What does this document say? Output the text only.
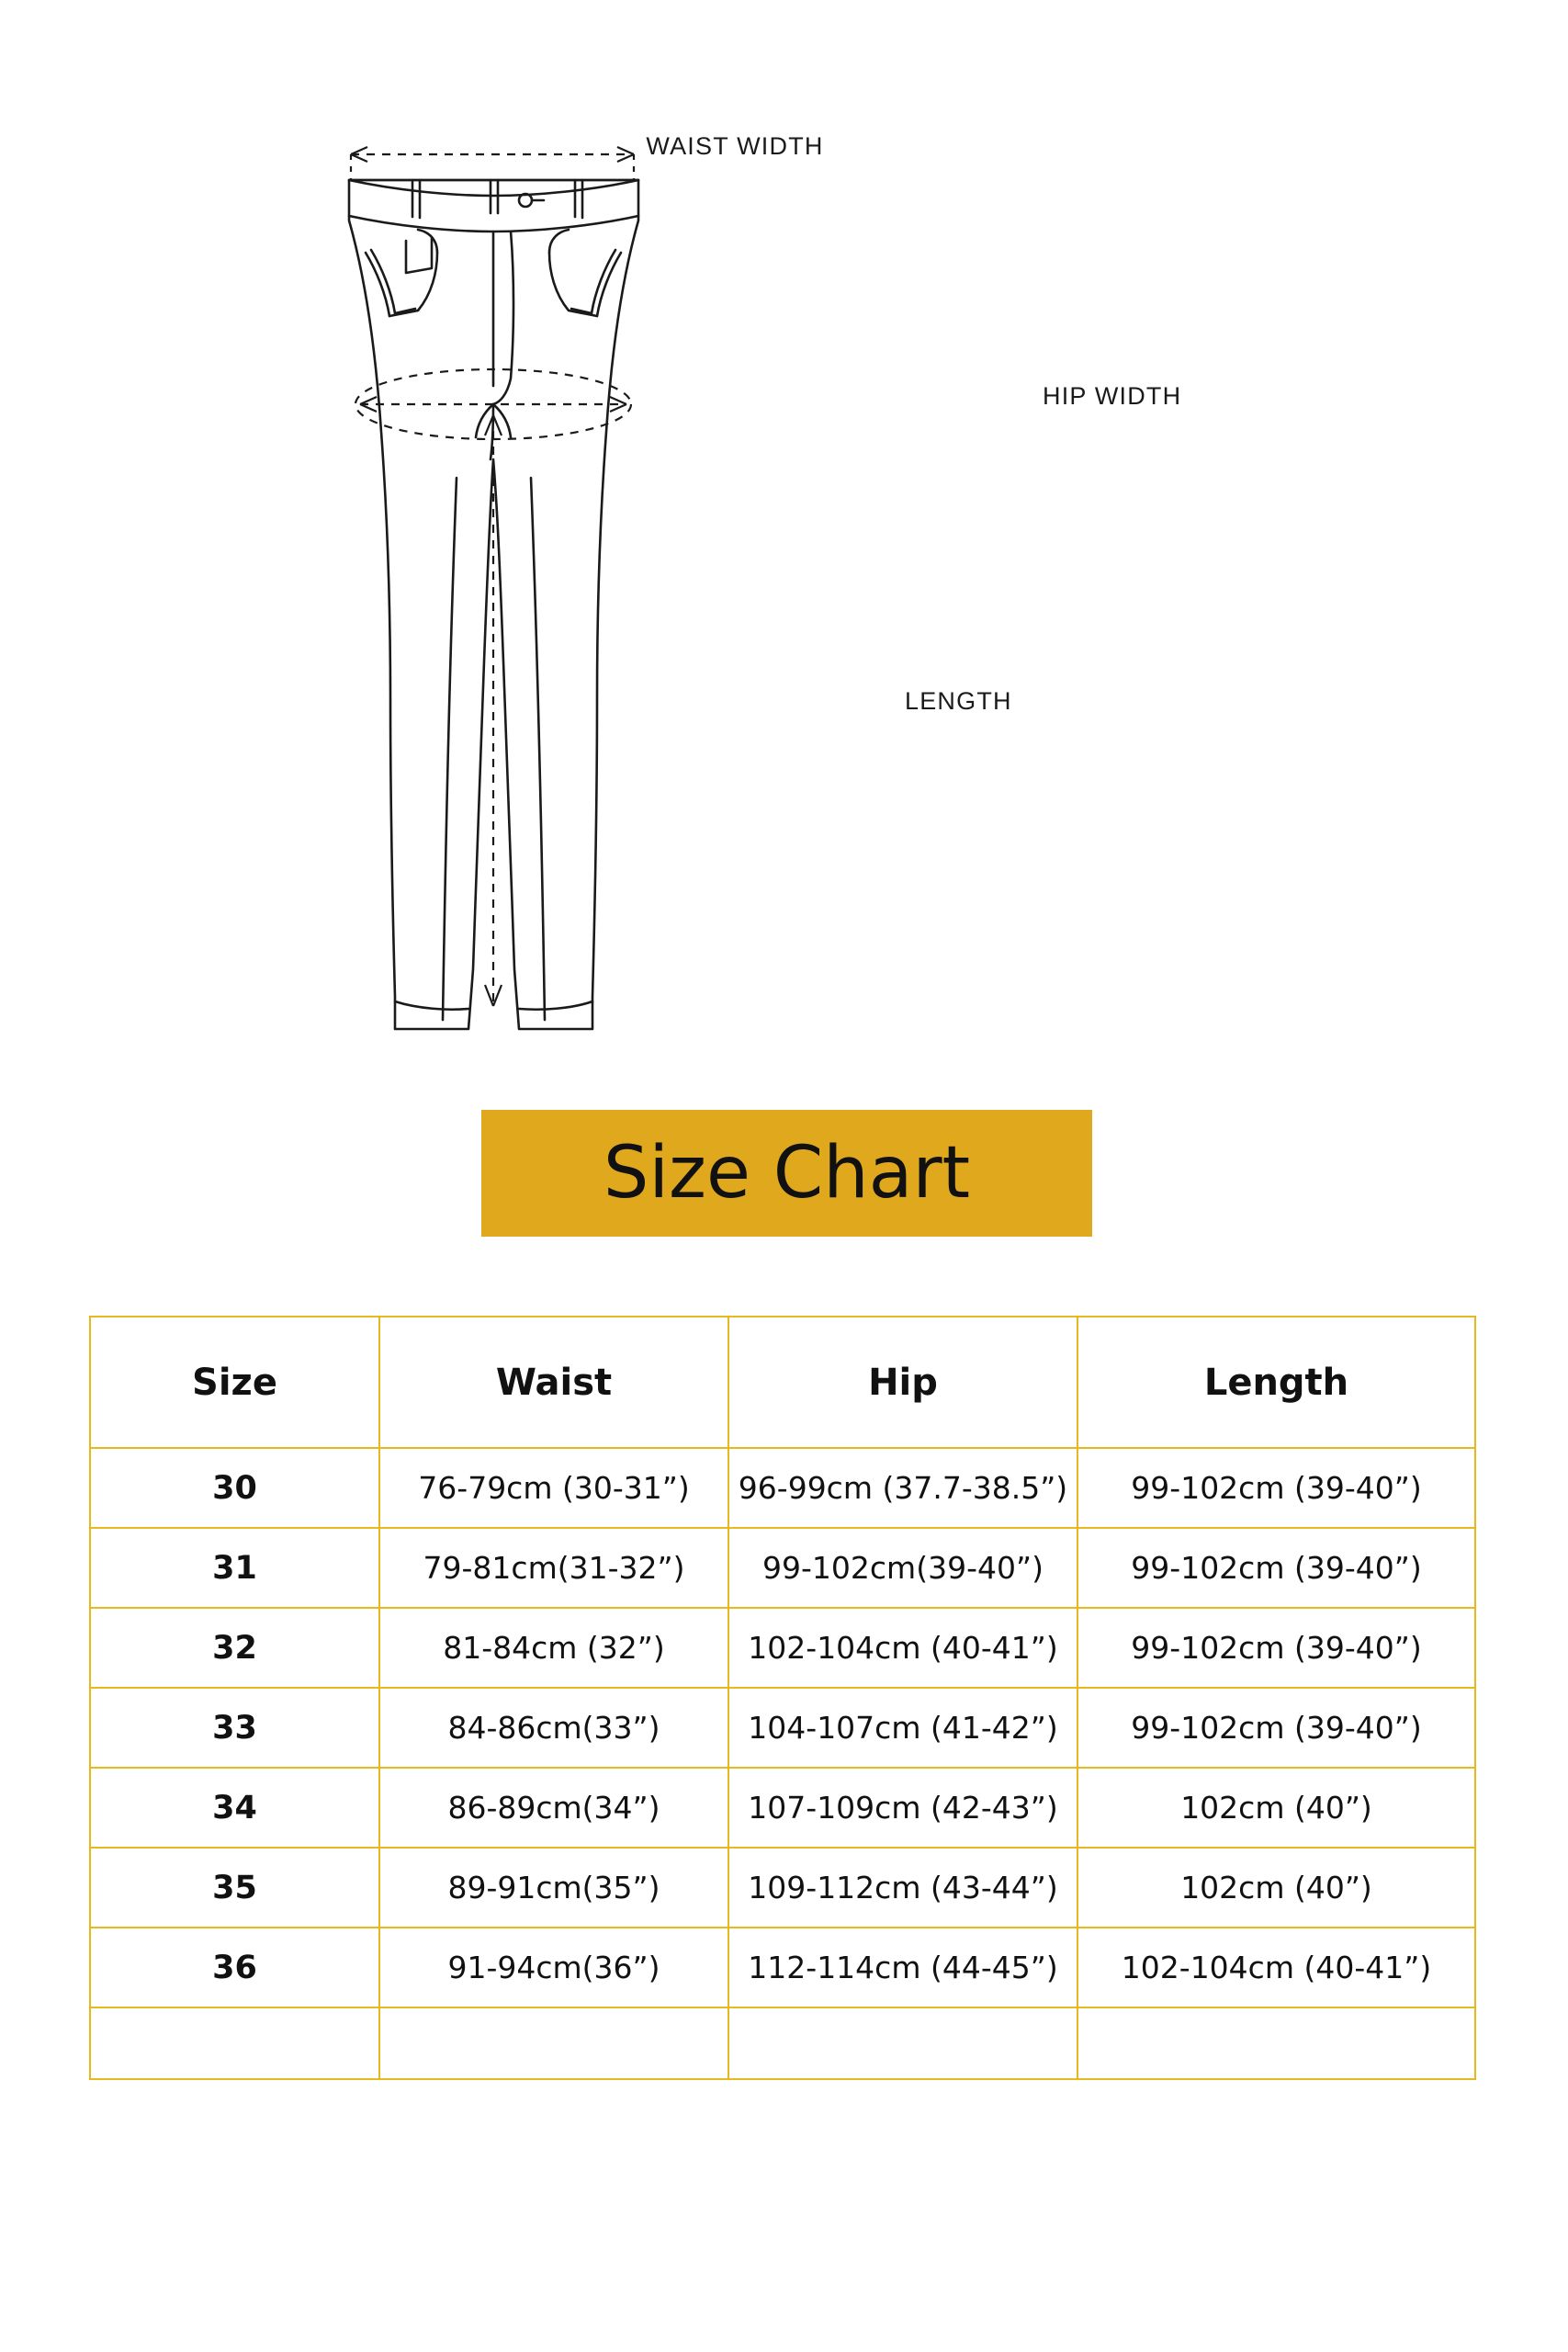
WAIST WIDTH
HIP WIDTH
LENGTH
Size Chart
Size	Waist	Hip	Length
30	76-79cm (30-31”)	96-99cm (37.7-38.5”)	99-102cm (39-40”)
31	79-81cm(31-32”)	99-102cm(39-40”)	99-102cm (39-40”)
32	81-84cm (32”)	102-104cm (40-41”)	99-102cm (39-40”)
33	84-86cm(33”)	104-107cm (41-42”)	99-102cm (39-40”)
34	86-89cm(34”)	107-109cm (42-43”)	102cm (40”)
35	89-91cm(35”)	109-112cm (43-44”)	102cm (40”)
36	91-94cm(36”)	112-114cm (44-45”)	102-104cm (40-41”)
